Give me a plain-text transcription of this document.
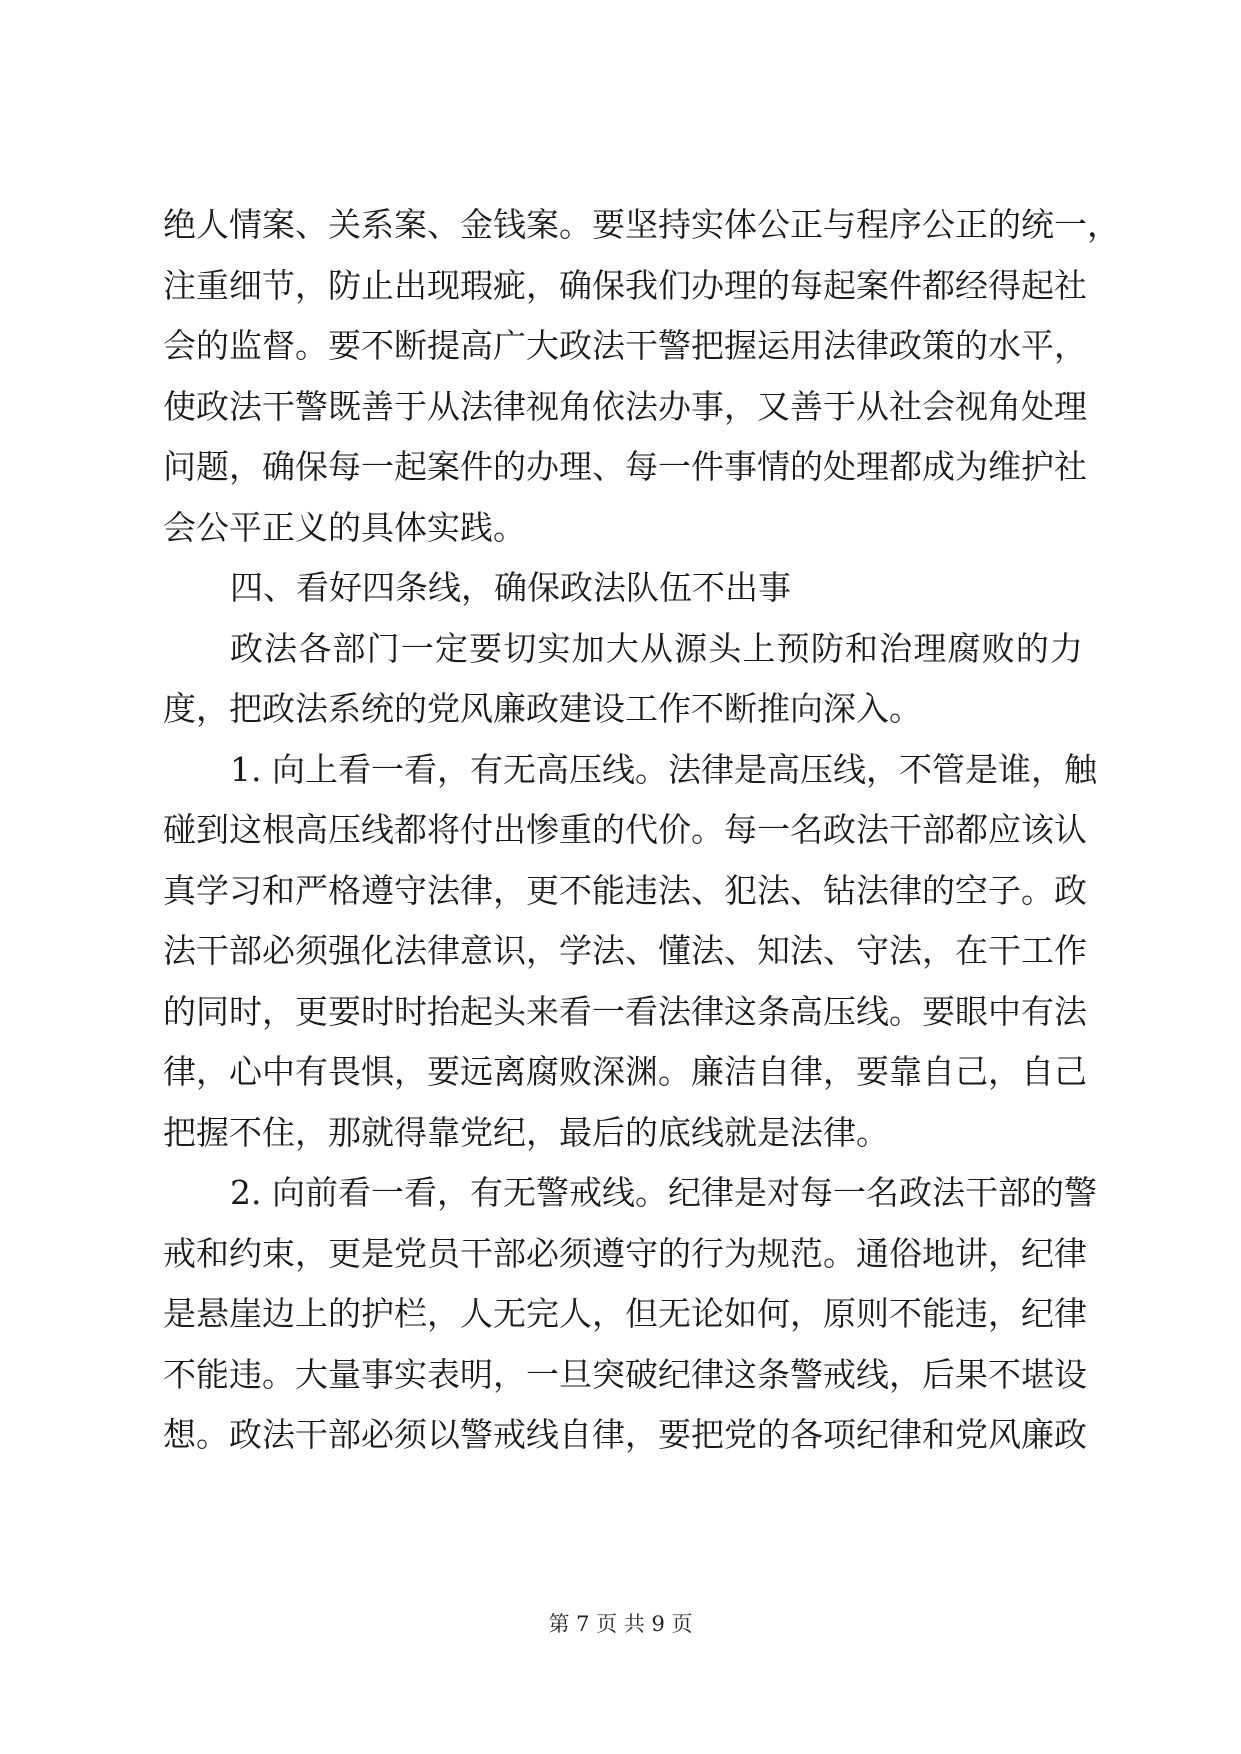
绝人情案、关系案、金钱案。要坚持实体公正与程序公正的统一，
注重细节，防止出现瑕疵，确保我们办理的每起案件都经得起社
会的监督。要不断提高广大政法干警把握运用法律政策的水平，
使政法干警既善于从法律视角依法办事，又善于从社会视角处理
问题，确保每一起案件的办理、每一件事情的处理都成为维护社
会公平正义的具体实践。
四、看好四条线，确保政法队伍不出事
政法各部门一定要切实加大从源头上预防和治理腐败的力
度，把政法系统的党风廉政建设工作不断推向深入。
1. 向上看一看，有无高压线。法律是高压线，不管是谁，触
碰到这根高压线都将付出惨重的代价。每一名政法干部都应该认
真学习和严格遵守法律，更不能违法、犯法、钻法律的空子。政
法干部必须强化法律意识，学法、懂法、知法、守法，在干工作
的同时，更要时时抬起头来看一看法律这条高压线。要眼中有法
律，心中有畏惧，要远离腐败深渊。廉洁自律，要靠自己，自己
把握不住，那就得靠党纪，最后的底线就是法律。
2. 向前看一看，有无警戒线。纪律是对每一名政法干部的警
戒和约束，更是党员干部必须遵守的行为规范。通俗地讲，纪律
是悬崖边上的护栏，人无完人，但无论如何，原则不能违，纪律
不能违。大量事实表明，一旦突破纪律这条警戒线，后果不堪设
想。政法干部必须以警戒线自律，要把党的各项纪律和党风廉政
第 7 页 共 9 页
